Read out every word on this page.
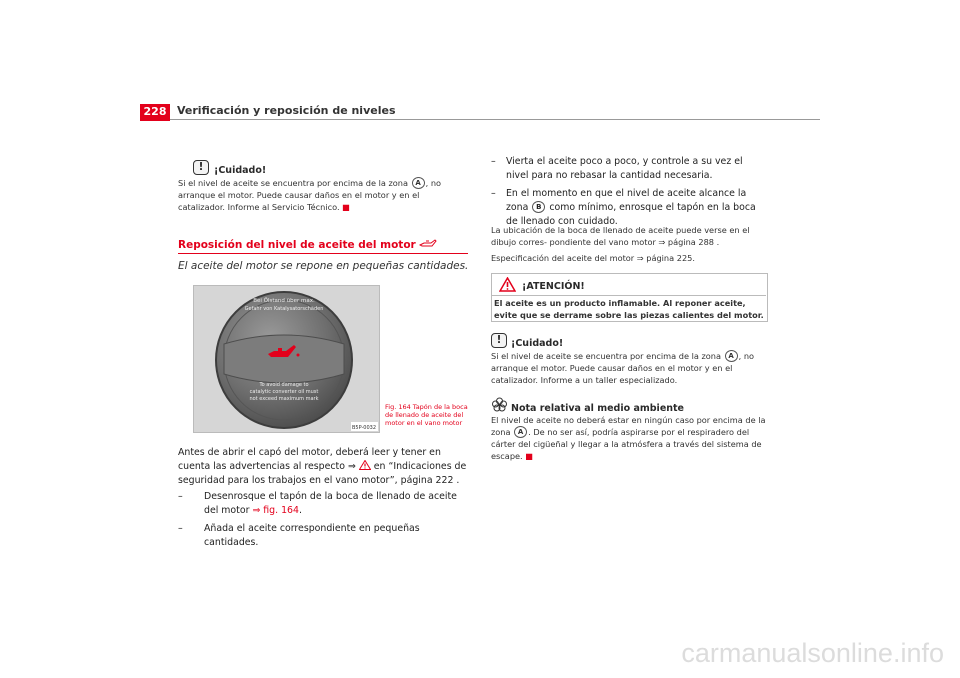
228 Verificación y reposición de niveles
!	¡Cuidado!
Si el nivel de aceite se encuentra por encima de la zona A , no arranque el motor. Puede causar daños en el motor y en el catalizador. Informe al Servicio Técnico. ■
Reposición del nivel de aceite del motor
El aceite del motor se repone en pequeñas cantidades.
Bei Ölstand über max.
Gefahr von Katalysatorschäden
To avoid damage to
catalytic converter oil must
not exceed maximum mark
B5P-0032
Fig. 164 Tapón de la boca de llenado de aceite del motor en el vano motor
Antes de abrir el capó del motor, deberá leer y tener en cuenta las advertencias al respecto ⇒ en “Indicaciones de seguridad para los trabajos en el vano motor”, página 222 .
– Desenrosque el tapón de la boca de llenado de aceite del motor ⇒ fig. 164.
– Añada el aceite correspondiente en pequeñas cantidades.
– Vierta el aceite poco a poco, y controle a su vez el nivel para no rebasar la cantidad necesaria.
– En el momento en que el nivel de aceite alcance la zona B como mínimo, enrosque el tapón en la boca de llenado con cuidado.
La ubicación de la boca de llenado de aceite puede verse en el dibujo corres- pondiente del vano motor ⇒ página 288 .
Especificación del aceite del motor ⇒ página 225.
¡ATENCIÓN!
El aceite es un producto inflamable. Al reponer aceite, evite que se derrame sobre las piezas calientes del motor.
! ¡Cuidado!
Si el nivel de aceite se encuentra por encima de la zona A , no arranque el motor. Puede causar daños en el motor y en el catalizador. Informe a un taller especializado.
Nota relativa al medio ambiente
El nivel de aceite no deberá estar en ningún caso por encima de la zona A . De no ser así, podría aspirarse por el respiradero del cárter del cigüeñal y llegar a la atmósfera a través del sistema de escape. ■
carmanualsonline.info
